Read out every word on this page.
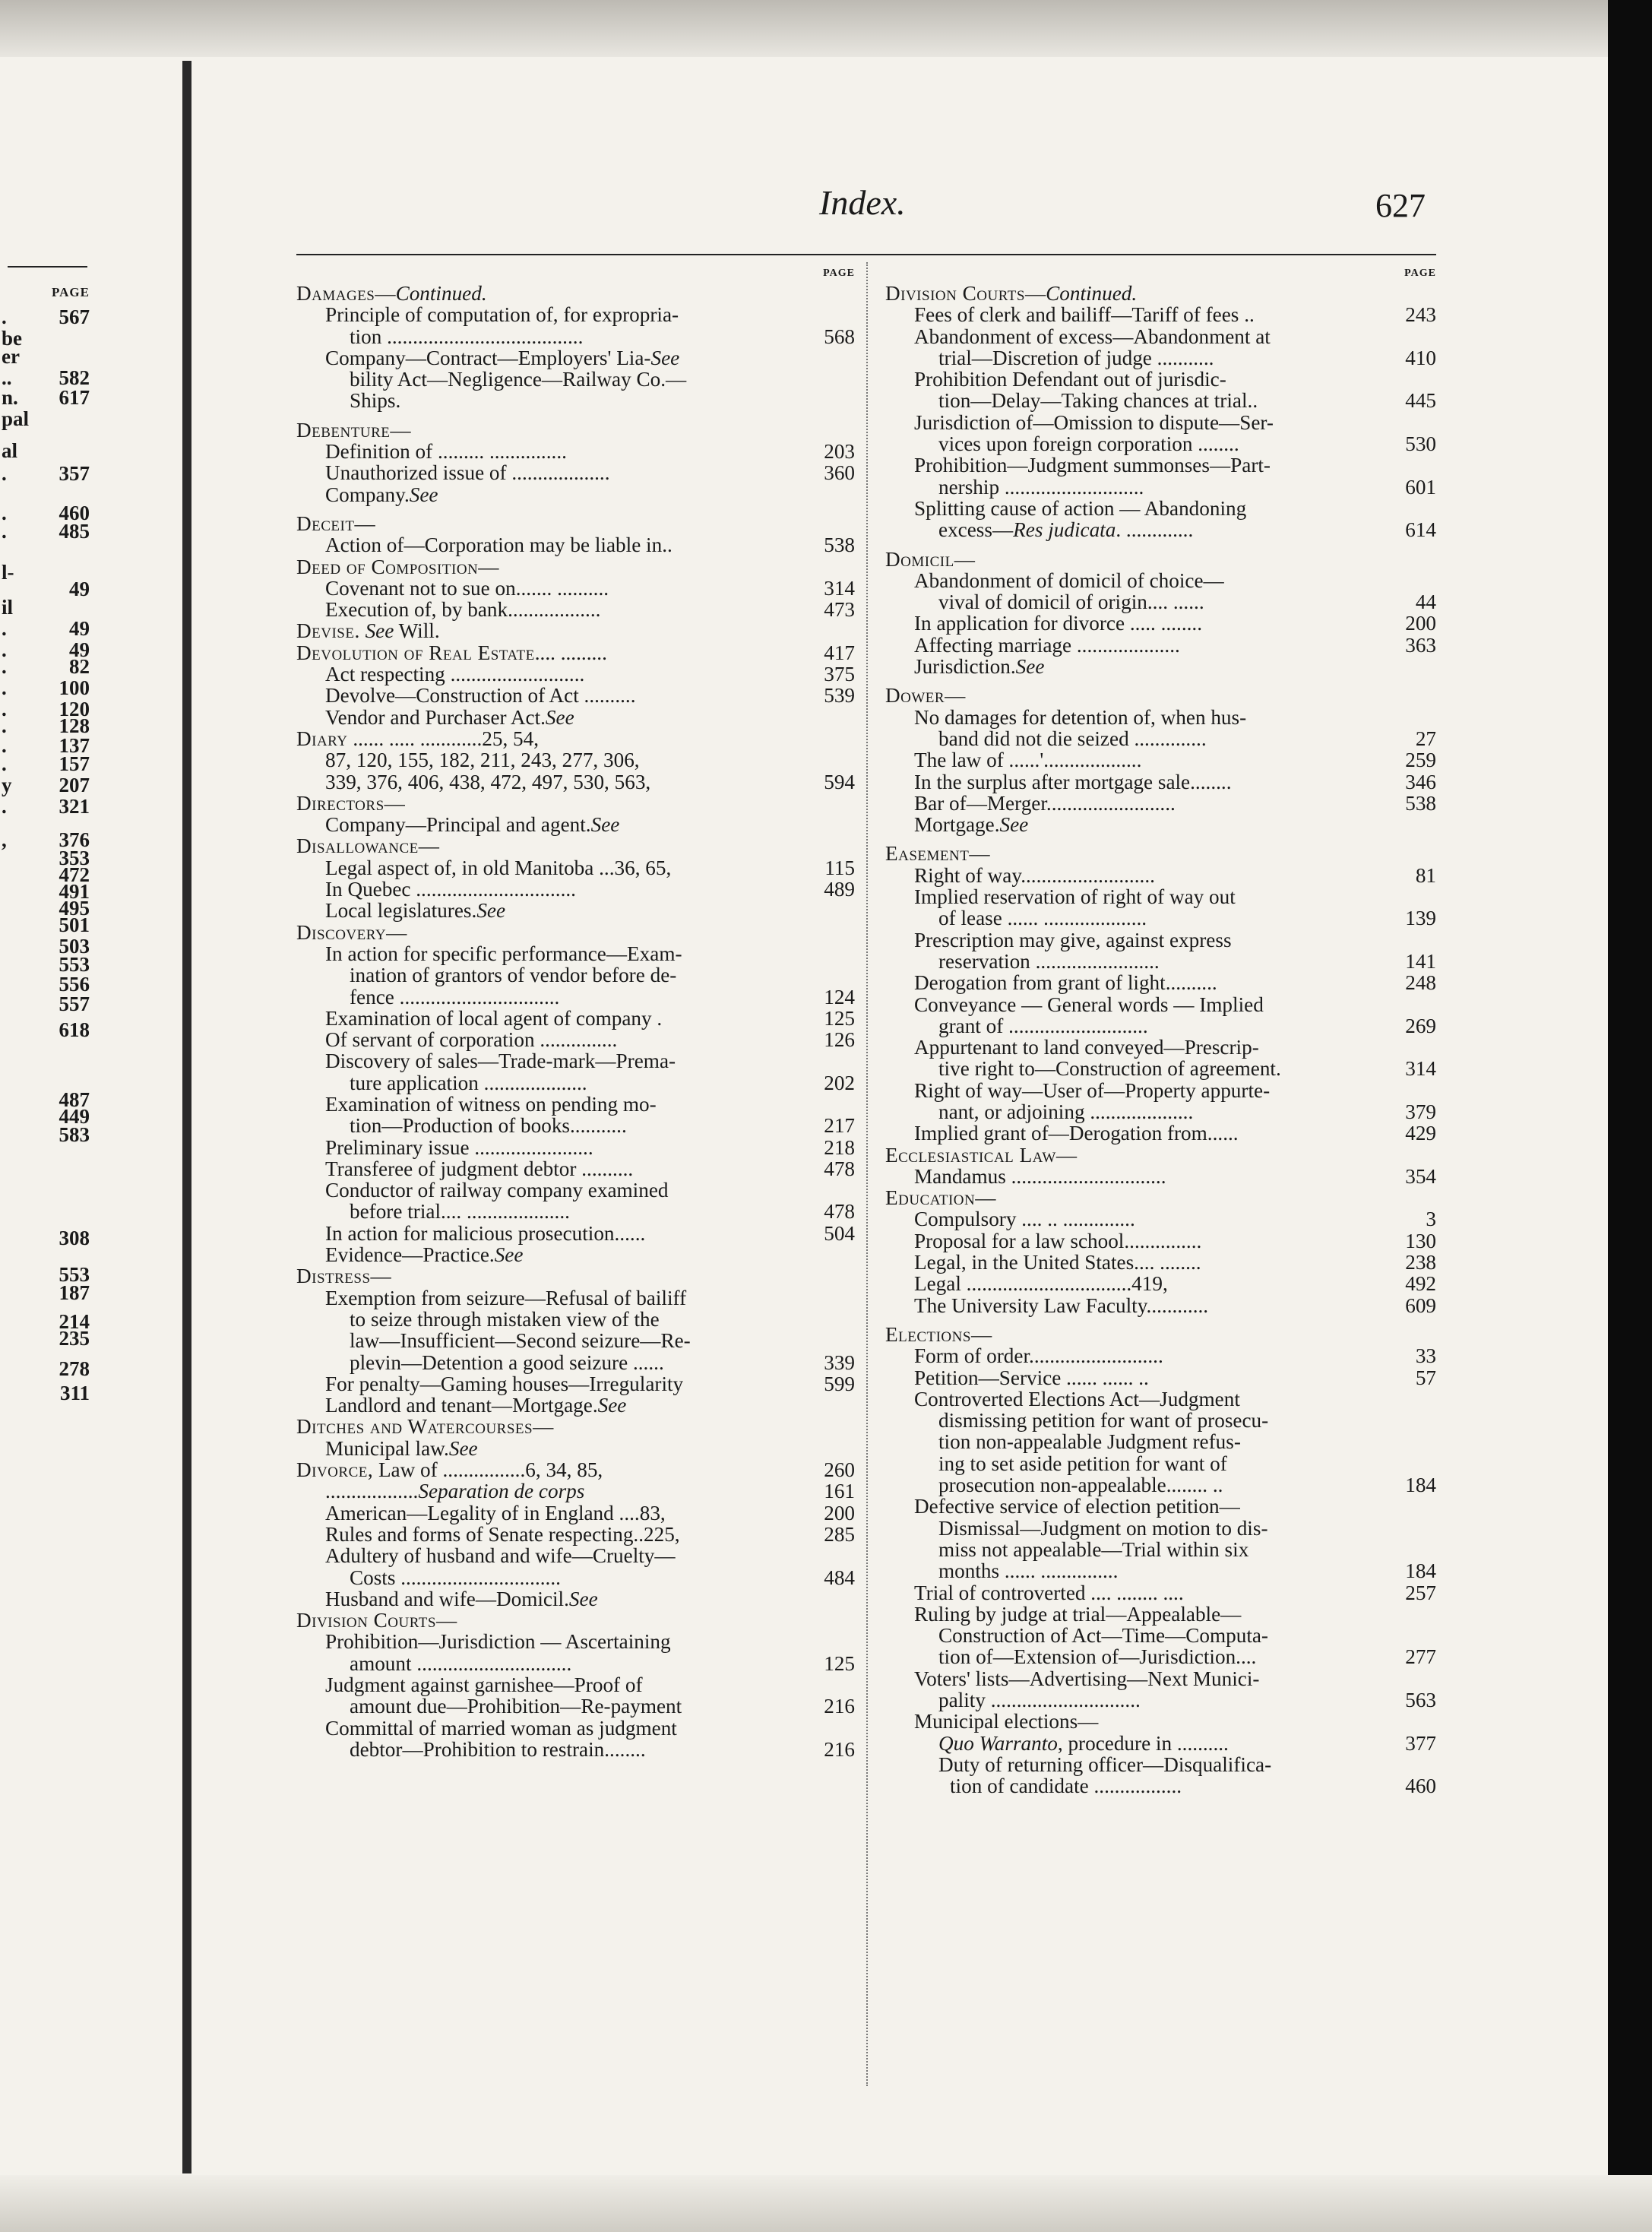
PAGE
.	567
be
er
.. 582
n. 617
pal
al
.	357
.	460
.	485
l-
49
il
.	49
.	49
.	82
.	100
.	120
.	128
.	137
.	157
y 207
.	321
,	376
353
472
491
495
501
503
553
556
557
618
487
449
583
308
553
187
214
235
278
311
Index.	627
PAGE
Damages—Continued.
Principle of computation of, for expropria-
tion ......................................	568
Company—Contract—Employers' Lia-See
bility Act—Negligence—Railway Co.—
Ships.
Debenture—
Definition of ......... ...............	203
Unauthorized issue of ...................	360
Company.See
Deceit—
Action of—Corporation may be liable in..	538
Deed of Composition—
Covenant not to sue on....... ..........	314
Execution of, by bank..................	473
Devise. See Will.
Devolution of Real Estate.... .........	417
Act respecting ..........................	375
Devolve—Construction of Act ..........	539
Vendor and Purchaser Act.See
Diary ...... ..... ............25, 54,
87, 120, 155, 182, 211, 243, 277, 306,
339, 376, 406, 438, 472, 497, 530, 563,	594
Directors—
Company—Principal and agent.See
Disallowance—
Legal aspect of, in old Manitoba ...36, 65,	115
In Quebec ...............................	489
Local legislatures.See
Discovery—
In action for specific performance—Exam-
ination of grantors of vendor before de-
fence ...............................	124
Examination of local agent of company .	125
Of servant of corporation ...............	126
Discovery of sales—Trade-mark—Prema-
ture application ....................	202
Examination of witness on pending mo-
tion—Production of books...........	217
Preliminary issue .......................	218
Transferee of judgment debtor ..........	478
Conductor of railway company examined
before trial.... ....................	478
In action for malicious prosecution......	504
Evidence—Practice.See
Distress—
Exemption from seizure—Refusal of bailiff
to seize through mistaken view of the
law—Insufficient—Second seizure—Re-
plevin—Detention a good seizure ......	339
For penalty—Gaming houses—Irregularity	599
Landlord and tenant—Mortgage.See
Ditches and Watercourses—
Municipal law.See
Divorce, Law of ................6, 34, 85,	260
..................Separation de corps	161
American—Legality of in England ....83,	200
Rules and forms of Senate respecting..225,	285
Adultery of husband and wife—Cruelty—
Costs ...............................	484
Husband and wife—Domicil.See
Division Courts—
Prohibition—Jurisdiction — Ascertaining
amount ..............................	125
Judgment against garnishee—Proof of
amount due—Prohibition—Re-payment	216
Committal of married woman as judgment
debtor—Prohibition to restrain........	216
PAGE
Division Courts—Continued.
Fees of clerk and bailiff—Tariff of fees ..	243
Abandonment of excess—Abandonment at
trial—Discretion of judge ...........	410
Prohibition Defendant out of jurisdic-
tion—Delay—Taking chances at trial..	445
Jurisdiction of—Omission to dispute—Ser-
vices upon foreign corporation ........	530
Prohibition—Judgment summonses—Part-
nership ...........................	601
Splitting cause of action — Abandoning
excess—Res judicata. .............	614
Domicil—
Abandonment of domicil of choice—
vival of domicil of origin.... ......	44
In application for divorce ..... ........	200
Affecting marriage ....................	363
Jurisdiction.See
Dower—
No damages for detention of, when hus-
band did not die seized ..............	27
The law of ......'...................	259
In the surplus after mortgage sale........	346
Bar of—Merger.........................	538
Mortgage.See
Easement—
Right of way..........................	81
Implied reservation of right of way out
of lease ...... ....................	139
Prescription may give, against express
reservation ........................	141
Derogation from grant of light..........	248
Conveyance — General words — Implied
grant of ...........................	269
Appurtenant to land conveyed—Prescrip-
tive right to—Construction of agreement.	314
Right of way—User of—Property appurte-
nant, or adjoining ....................	379
Implied grant of—Derogation from......	429
Ecclesiastical Law—
Mandamus ..............................	354
Education—
Compulsory .... .. ..............	3
Proposal for a law school...............	130
Legal, in the United States.... ........	238
Legal ................................419,	492
The University Law Faculty............	609
Elections—
Form of order..........................	33
Petition—Service ...... ...... ..	57
Controverted Elections Act—Judgment
dismissing petition for want of prosecu-
tion non-appealable Judgment refus-
ing to set aside petition for want of
prosecution non-appealable........ ..	184
Defective service of election petition—
Dismissal—Judgment on motion to dis-
miss not appealable—Trial within six
months ...... ...............	184
Trial of controverted .... ........ ....	257
Ruling by judge at trial—Appealable—
Construction of Act—Time—Computa-
tion of—Extension of—Jurisdiction....	277
Voters' lists—Advertising—Next Munici-
pality .............................	563
Municipal elections—
Quo Warranto, procedure in ..........	377
Duty of returning officer—Disqualifica-
tion of candidate .................	460
